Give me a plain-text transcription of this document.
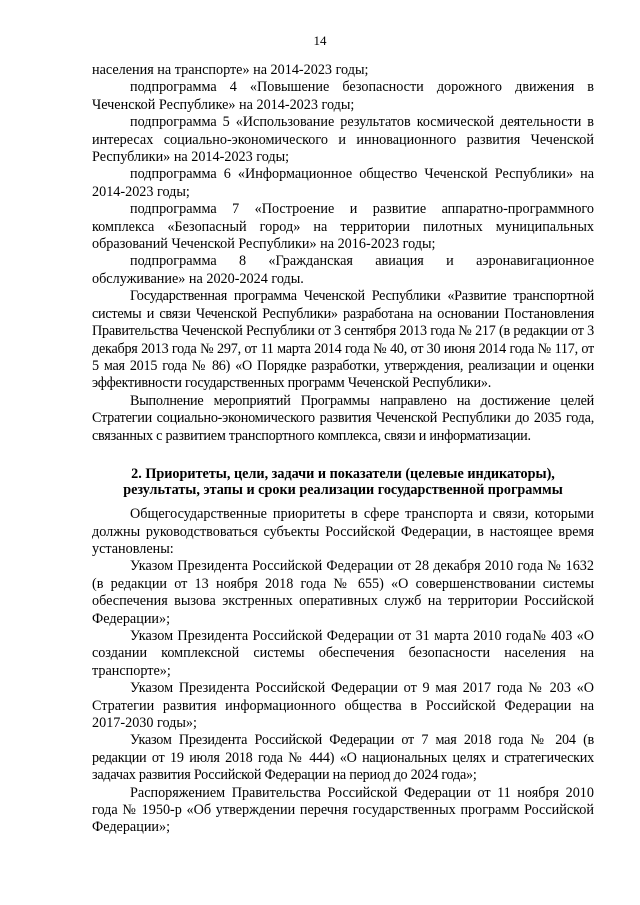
14

населения на транспорте» на 2014-2023 годы;

подпрограмма 4 «Повышение безопасности дорожного движения в Чеченской Республике» на 2014-2023 годы;

подпрограмма 5 «Использование результатов космической деятельности в интересах социально-экономического и инновационного развития Чеченской Республики» на 2014-2023 годы;

подпрограмма 6 «Информационное общество Чеченской Республики» на 2014-2023 годы;

подпрограмма 7 «Построение и развитие аппаратно-программного комплекса «Безопасный город» на территории пилотных муниципальных образований Чеченской Республики» на 2016-2023 годы;

подпрограмма 8 «Гражданская авиация и аэронавигационное обслуживание» на 2020-2024 годы.

Государственная программа Чеченской Республики «Развитие транспортной системы и связи Чеченской Республики» разработана на основании Постановления Правительства Чеченской Республики от 3 сентября 2013 года № 217 (в редакции от 3 декабря 2013 года № 297, от 11 марта 2014 года № 40, от 30 июня 2014 года № 117, от 5 мая 2015 года № 86) «О Порядке разработки, утверждения, реализации и оценки эффективности государственных программ Чеченской Республики».

Выполнение мероприятий Программы направлено на достижение целей Стратегии социально-экономического развития Чеченской Республики до 2035 года, связанных с развитием транспортного комплекса, связи и информатизации.

2. Приоритеты, цели, задачи и показатели (целевые индикаторы), результаты, этапы и сроки реализации государственной программы

Общегосударственные приоритеты в сфере транспорта и связи, которыми должны руководствоваться субъекты Российской Федерации, в настоящее время установлены:

Указом Президента Российской Федерации от 28 декабря 2010 года № 1632 (в редакции от 13 ноября 2018 года № 655) «О совершенствовании системы обеспечения вызова экстренных оперативных служб на территории Российской Федерации»;

Указом Президента Российской Федерации от 31 марта 2010 года№ 403 «О создании комплексной системы обеспечения безопасности населения на транспорте»;

Указом Президента Российской Федерации от 9 мая 2017 года № 203 «О Стратегии развития информационного общества в Российской Федерации на 2017-2030 годы»;

Указом Президента Российской Федерации от 7 мая 2018 года № 204 (в редакции от 19 июля 2018 года № 444) «О национальных целях и стратегических задачах развития Российской Федерации на период до 2024 года»;

Распоряжением Правительства Российской Федерации от 11 ноября 2010 года № 1950-р «Об утверждении перечня государственных программ Российской Федерации»;
